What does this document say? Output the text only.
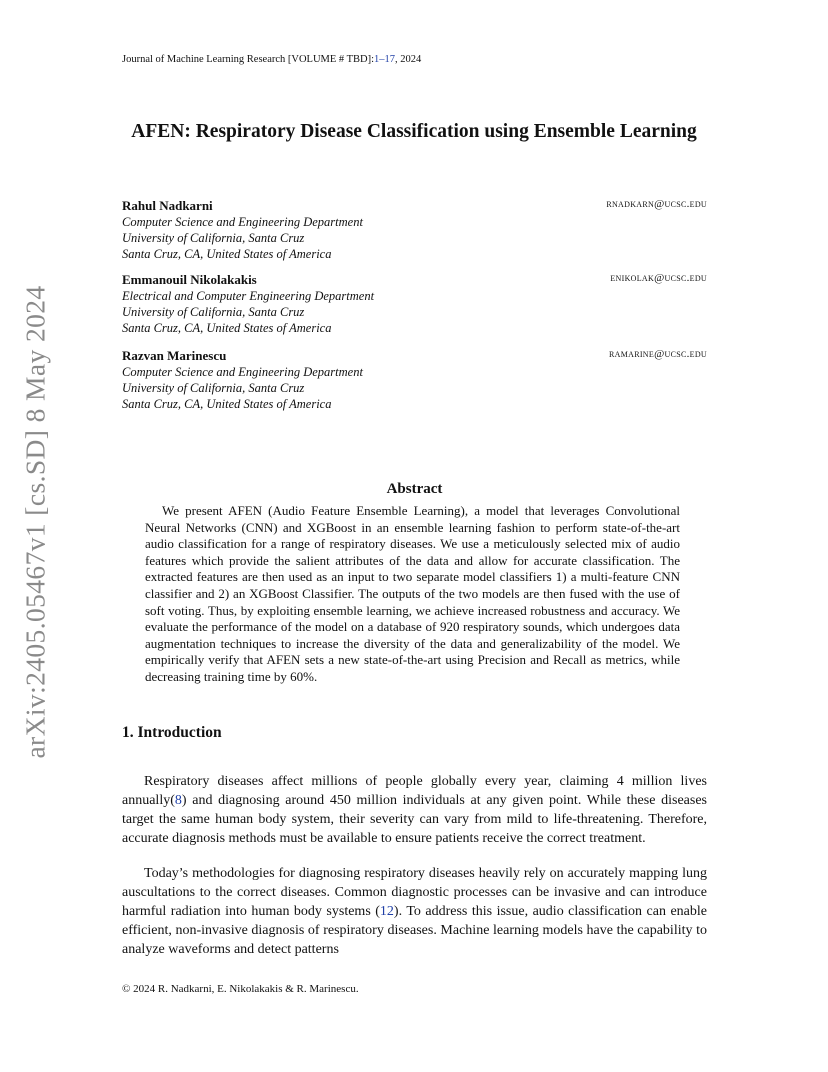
arXiv:2405.05467v1 [cs.SD] 8 May 2024
Journal of Machine Learning Research [VOLUME # TBD]:1–17, 2024
AFEN: Respiratory Disease Classification using Ensemble Learning
Rahul Nadkarni	rnadkarn@ucsc.edu
Computer Science and Engineering Department
University of California, Santa Cruz
Santa Cruz, CA, United States of America
Emmanouil Nikolakakis	enikolak@ucsc.edu
Electrical and Computer Engineering Department
University of California, Santa Cruz
Santa Cruz, CA, United States of America
Razvan Marinescu	ramarine@ucsc.edu
Computer Science and Engineering Department
University of California, Santa Cruz
Santa Cruz, CA, United States of America
Abstract
We present AFEN (Audio Feature Ensemble Learning), a model that leverages Convolutional Neural Networks (CNN) and XGBoost in an ensemble learning fashion to perform state-of-the-art audio classification for a range of respiratory diseases. We use a meticulously selected mix of audio features which provide the salient attributes of the data and allow for accurate classification. The extracted features are then used as an input to two separate model classifiers 1) a multi-feature CNN classifier and 2) an XGBoost Classifier. The outputs of the two models are then fused with the use of soft voting. Thus, by exploiting ensemble learning, we achieve increased robustness and accuracy. We evaluate the performance of the model on a database of 920 respiratory sounds, which undergoes data augmentation techniques to increase the diversity of the data and generalizability of the model. We empirically verify that AFEN sets a new state-of-the-art using Precision and Recall as metrics, while decreasing training time by 60%.
1. Introduction

Respiratory diseases affect millions of people globally every year, claiming 4 million lives annually(8) and diagnosing around 450 million individuals at any given point. While these diseases target the same human body system, their severity can vary from mild to life-threatening. Therefore, accurate diagnosis methods must be available to ensure patients receive the correct treatment.

Today’s methodologies for diagnosing respiratory diseases heavily rely on accurately mapping lung auscultations to the correct diseases. Common diagnostic processes can be invasive and can introduce harmful radiation into human body systems (12). To address this issue, audio classification can enable efficient, non-invasive diagnosis of respiratory diseases. Machine learning models have the capability to analyze waveforms and detect patterns

© 2024 R. Nadkarni, E. Nikolakakis & R. Marinescu.
